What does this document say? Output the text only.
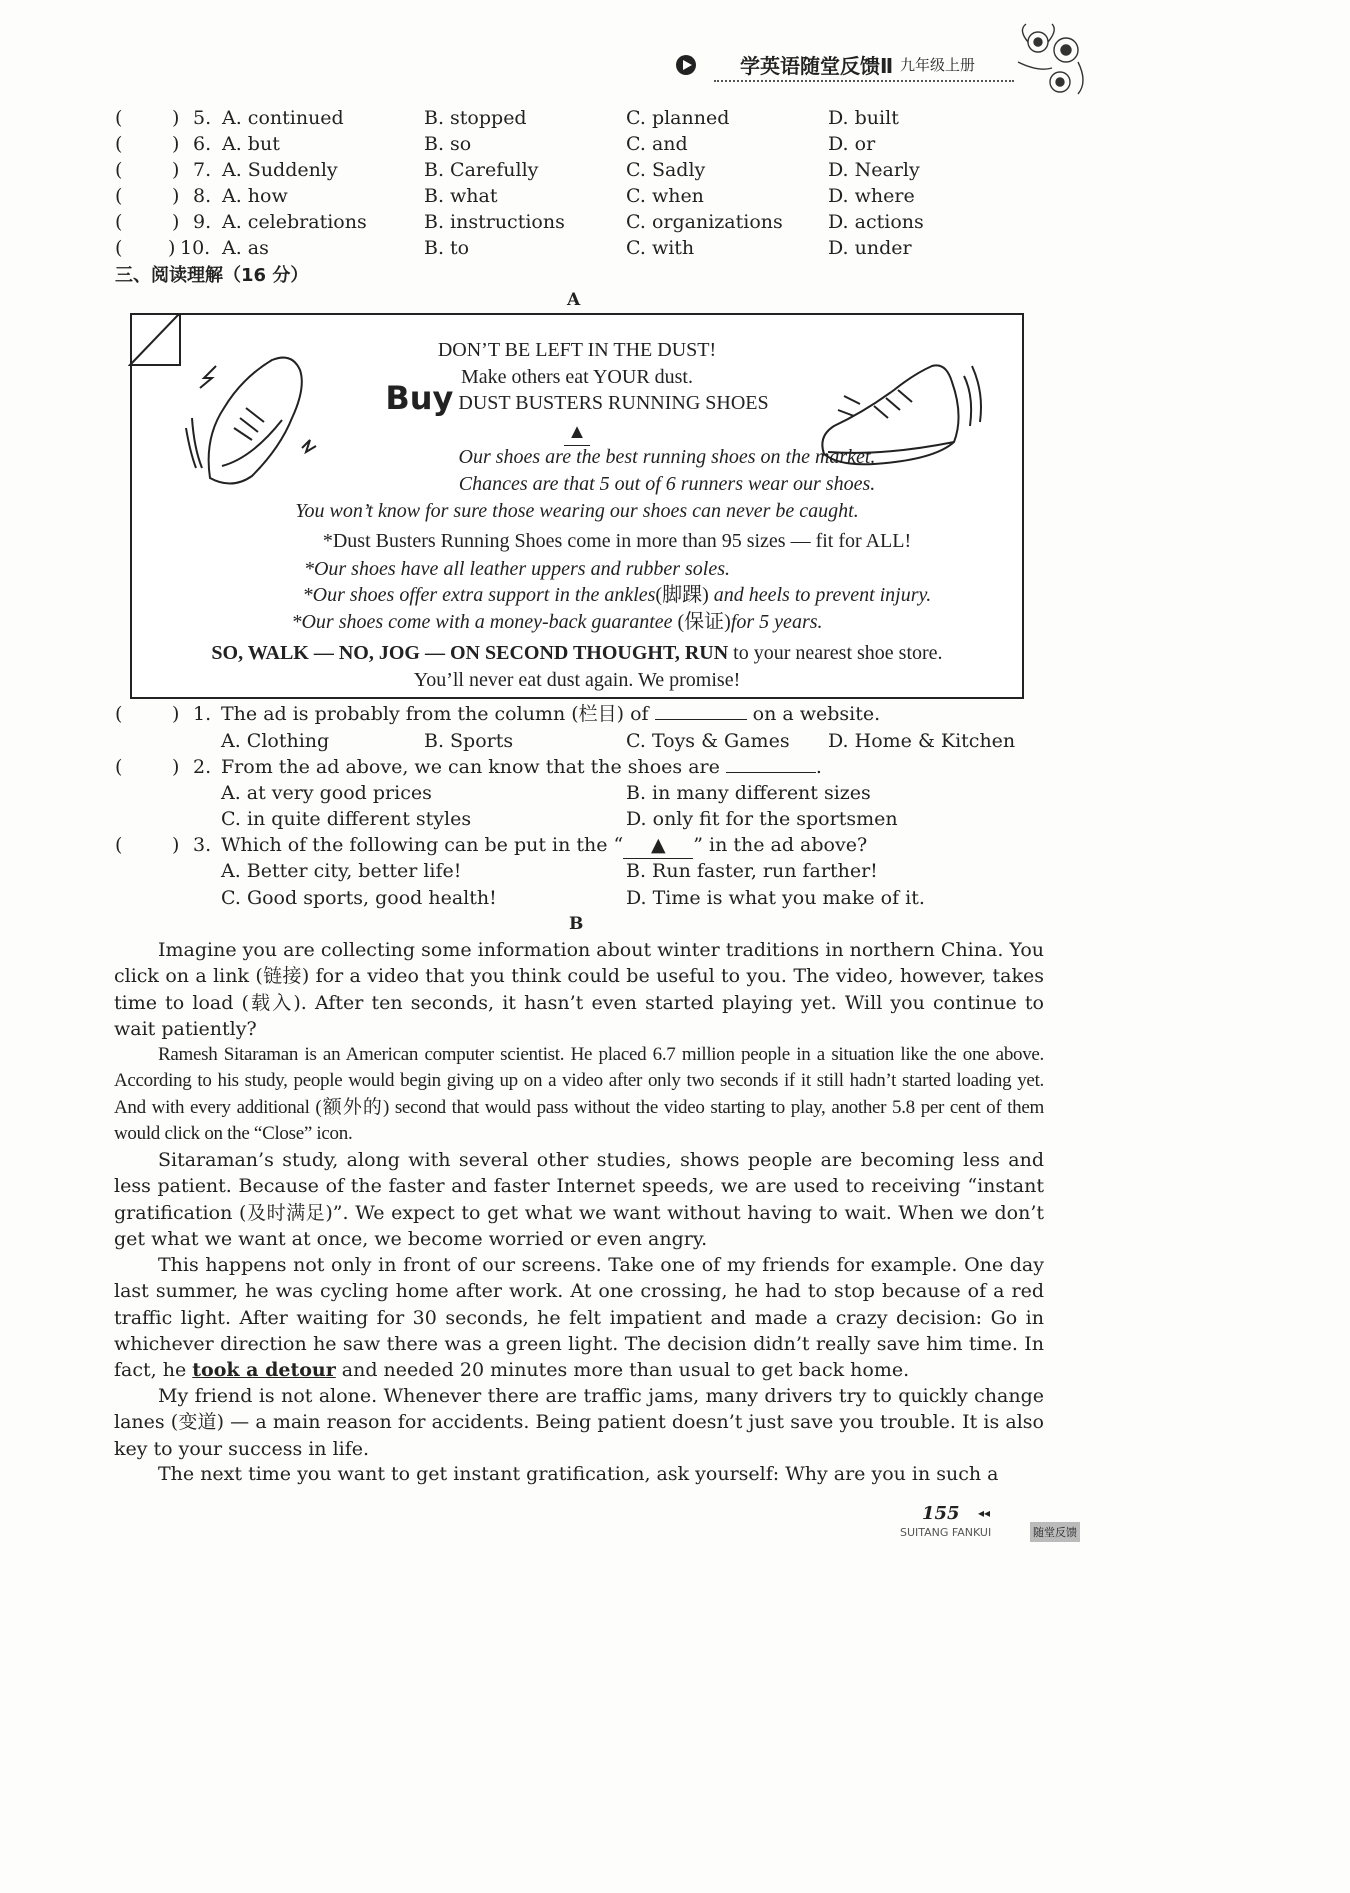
学英语随堂反馈Ⅱ 九年级上册
(	) 5. A. continued	B. stopped	C. planned	D. built
(	) 6. A. but	B. so	C. and	D. or
(	) 7. A. Suddenly	B. Carefully	C. Sadly	D. Nearly
(	) 8. A. how	B. what	C. when	D. where
(	) 9. A. celebrations	B. instructions	C. organizations D. actions
( ) 10. A. as	B. to	C. with	D. under
三、阅读理解（16 分）
A
DON’T BE LEFT IN THE DUST!
Make others eat YOUR dust.
Buy DUST BUSTERS RUNNING SHOES
▲
Our shoes are the best running shoes on the market.
Chances are that 5 out of 6 runners wear our shoes.
You won’t know for sure those wearing our shoes can never be caught.
*Dust Busters Running Shoes come in more than 95 sizes — fit for ALL!
*Our shoes have all leather uppers and rubber soles.
*Our shoes offer extra support in the ankles(脚踝) and heels to prevent injury.
*Our shoes come with a money-back guarantee (保证)for 5 years.
SO, WALK — NO, JOG — ON SECOND THOUGHT, RUN to your nearest shoe store.
You’ll never eat dust again. We promise!
(	) 1. The ad is probably from the column (栏目) of	on a website.
A. Clothing	B. Sports	C. Toys & Games D. Home & Kitchen
(	) 2. From the ad above, we can know that the shoes are	.
A. at very good prices	B. in many different sizes
C. in quite different styles	D. only fit for the sportsmen
(	) 3. Which of the following can be put in the “ ▲ ” in the ad above?
A. Better city, better life!	B. Run faster, run farther!
C. Good sports, good health!	D. Time is what you make of it.
B

Imagine you are collecting some information about winter traditions in northern China. You click on a link (链接) for a video that you think could be useful to you. The video, however, takes time to load (载入). After ten seconds, it hasn’t even started playing yet. Will you continue to wait patiently?

Ramesh Sitaraman is an American computer scientist. He placed 6.7 million people in a situation like the one above. According to his study, people would begin giving up on a video after only two seconds if it still hadn’t started loading yet. And with every additional (额外的) second that would pass without the video starting to play, another 5.8 per cent of them would click on the “Close” icon.

Sitaraman’s study, along with several other studies, shows people are becoming less and less patient. Because of the faster and faster Internet speeds, we are used to receiving “instant gratification (及时满足)”. We expect to get what we want without having to wait. When we don’t get what we want at once, we become worried or even angry.

This happens not only in front of our screens. Take one of my friends for example. One day last summer, he was cycling home after work. At one crossing, he had to stop because of a red traffic light. After waiting for 30 seconds, he felt impatient and made a crazy decision: Go in whichever direction he saw there was a green light. The decision didn’t really save him time. In fact, he took a detour and needed 20 minutes more than usual to get back home.

My friend is not alone. Whenever there are traffic jams, many drivers try to quickly change lanes (变道) — a main reason for accidents. Being patient doesn’t just save you trouble. It is also key to your success in life.

The next time you want to get instant gratification, ask yourself: Why are you in such a

155 ◂◂
SUITANG FANKUI	随堂反馈
